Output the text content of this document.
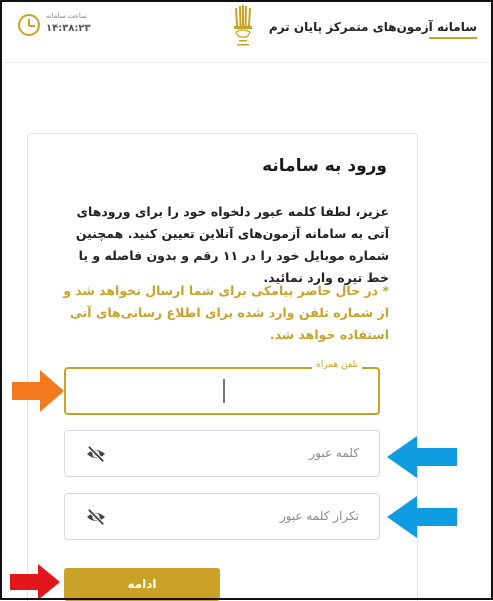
ساعت سامانه
۱۴:۳۸:۲۳	سامانه آزمون‌های متمرکز پایان ترم
ورود به سامانه
عزیز، لطفا کلمه عبور دلخواه خود را برای ورودهای آتی به سامانه آزمون‌های آنلاین تعیین کنید. همچنین شماره موبایل خود را در ۱۱ رقم و بدون فاصله و یا خط تیره وارد نمائید.
* در حال حاضر پیامکی برای شما ارسال نخواهد شد و از شماره تلفن وارد شده برای اطلاع رسانی‌های آتی استفاده خواهد شد.
تلفن همراه
کلمه عبور
تکرار کلمه عبور
ادامه
